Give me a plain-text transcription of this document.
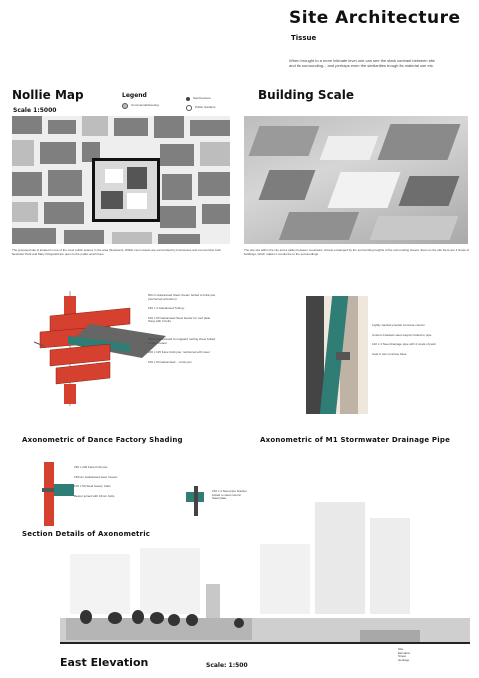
Site Architecture
Tissue
When brought to a more intimate level one can see the stark contrast between site and its surrounding... and perhaps even the similarities trough its material use etc.
Nollie Map
Scale 1:5000
Legend
Commercial/Housing
Sport/Leisure
Public Gardens
The proposed site is located in one of the most public spaces in the area (Newtown). Whilst most streets are surrounded by businesses and commercial, both Newtown Park and Mary Fitzgerald are open to the public at all times.
Building Scale
The site sits within the city and a valley between mountains. Almost enveloped by the surrounding heights of the surrounding streets. Even so the site there are 3 levels of buildings, which makes it conducive to the surroundings.
50mm Galvanised Steel I-beam bolted to brick pier (reinforced at bottom)
150 x 4 Galvanised Tubing...
100 x 50 Galvanised Steel bearer for roof plate fixing with 2 bolts
45mm Galvanised Corrugated roofing sheet bolted to steel bearer
230 x 115 Face brick pier, reinforced with steel
100 x 50 Galvanised ... brick pier
Axonometric of Dance Factory Shading
Lightly sanded precast concrete column
Custom brackets steel support bolted to pipe
120 x 4 Steel drainage pipe with 2 coats of paint
Cast in situ concrete base
Axonometric of M1 Stormwater Drainage Pipe
230 x 230 Face brick pier
150mm Galvanised steel I-beam
100 x 50 Steel bearer, bolts
Bearer joined with 16mm bolts
150 x 4 Steel pipe bracket
bolted to steel column
Steel plate
Section Details of Axonometric
East Elevation	Scale: 1:500
Site
Elevation
Street
Heritage
